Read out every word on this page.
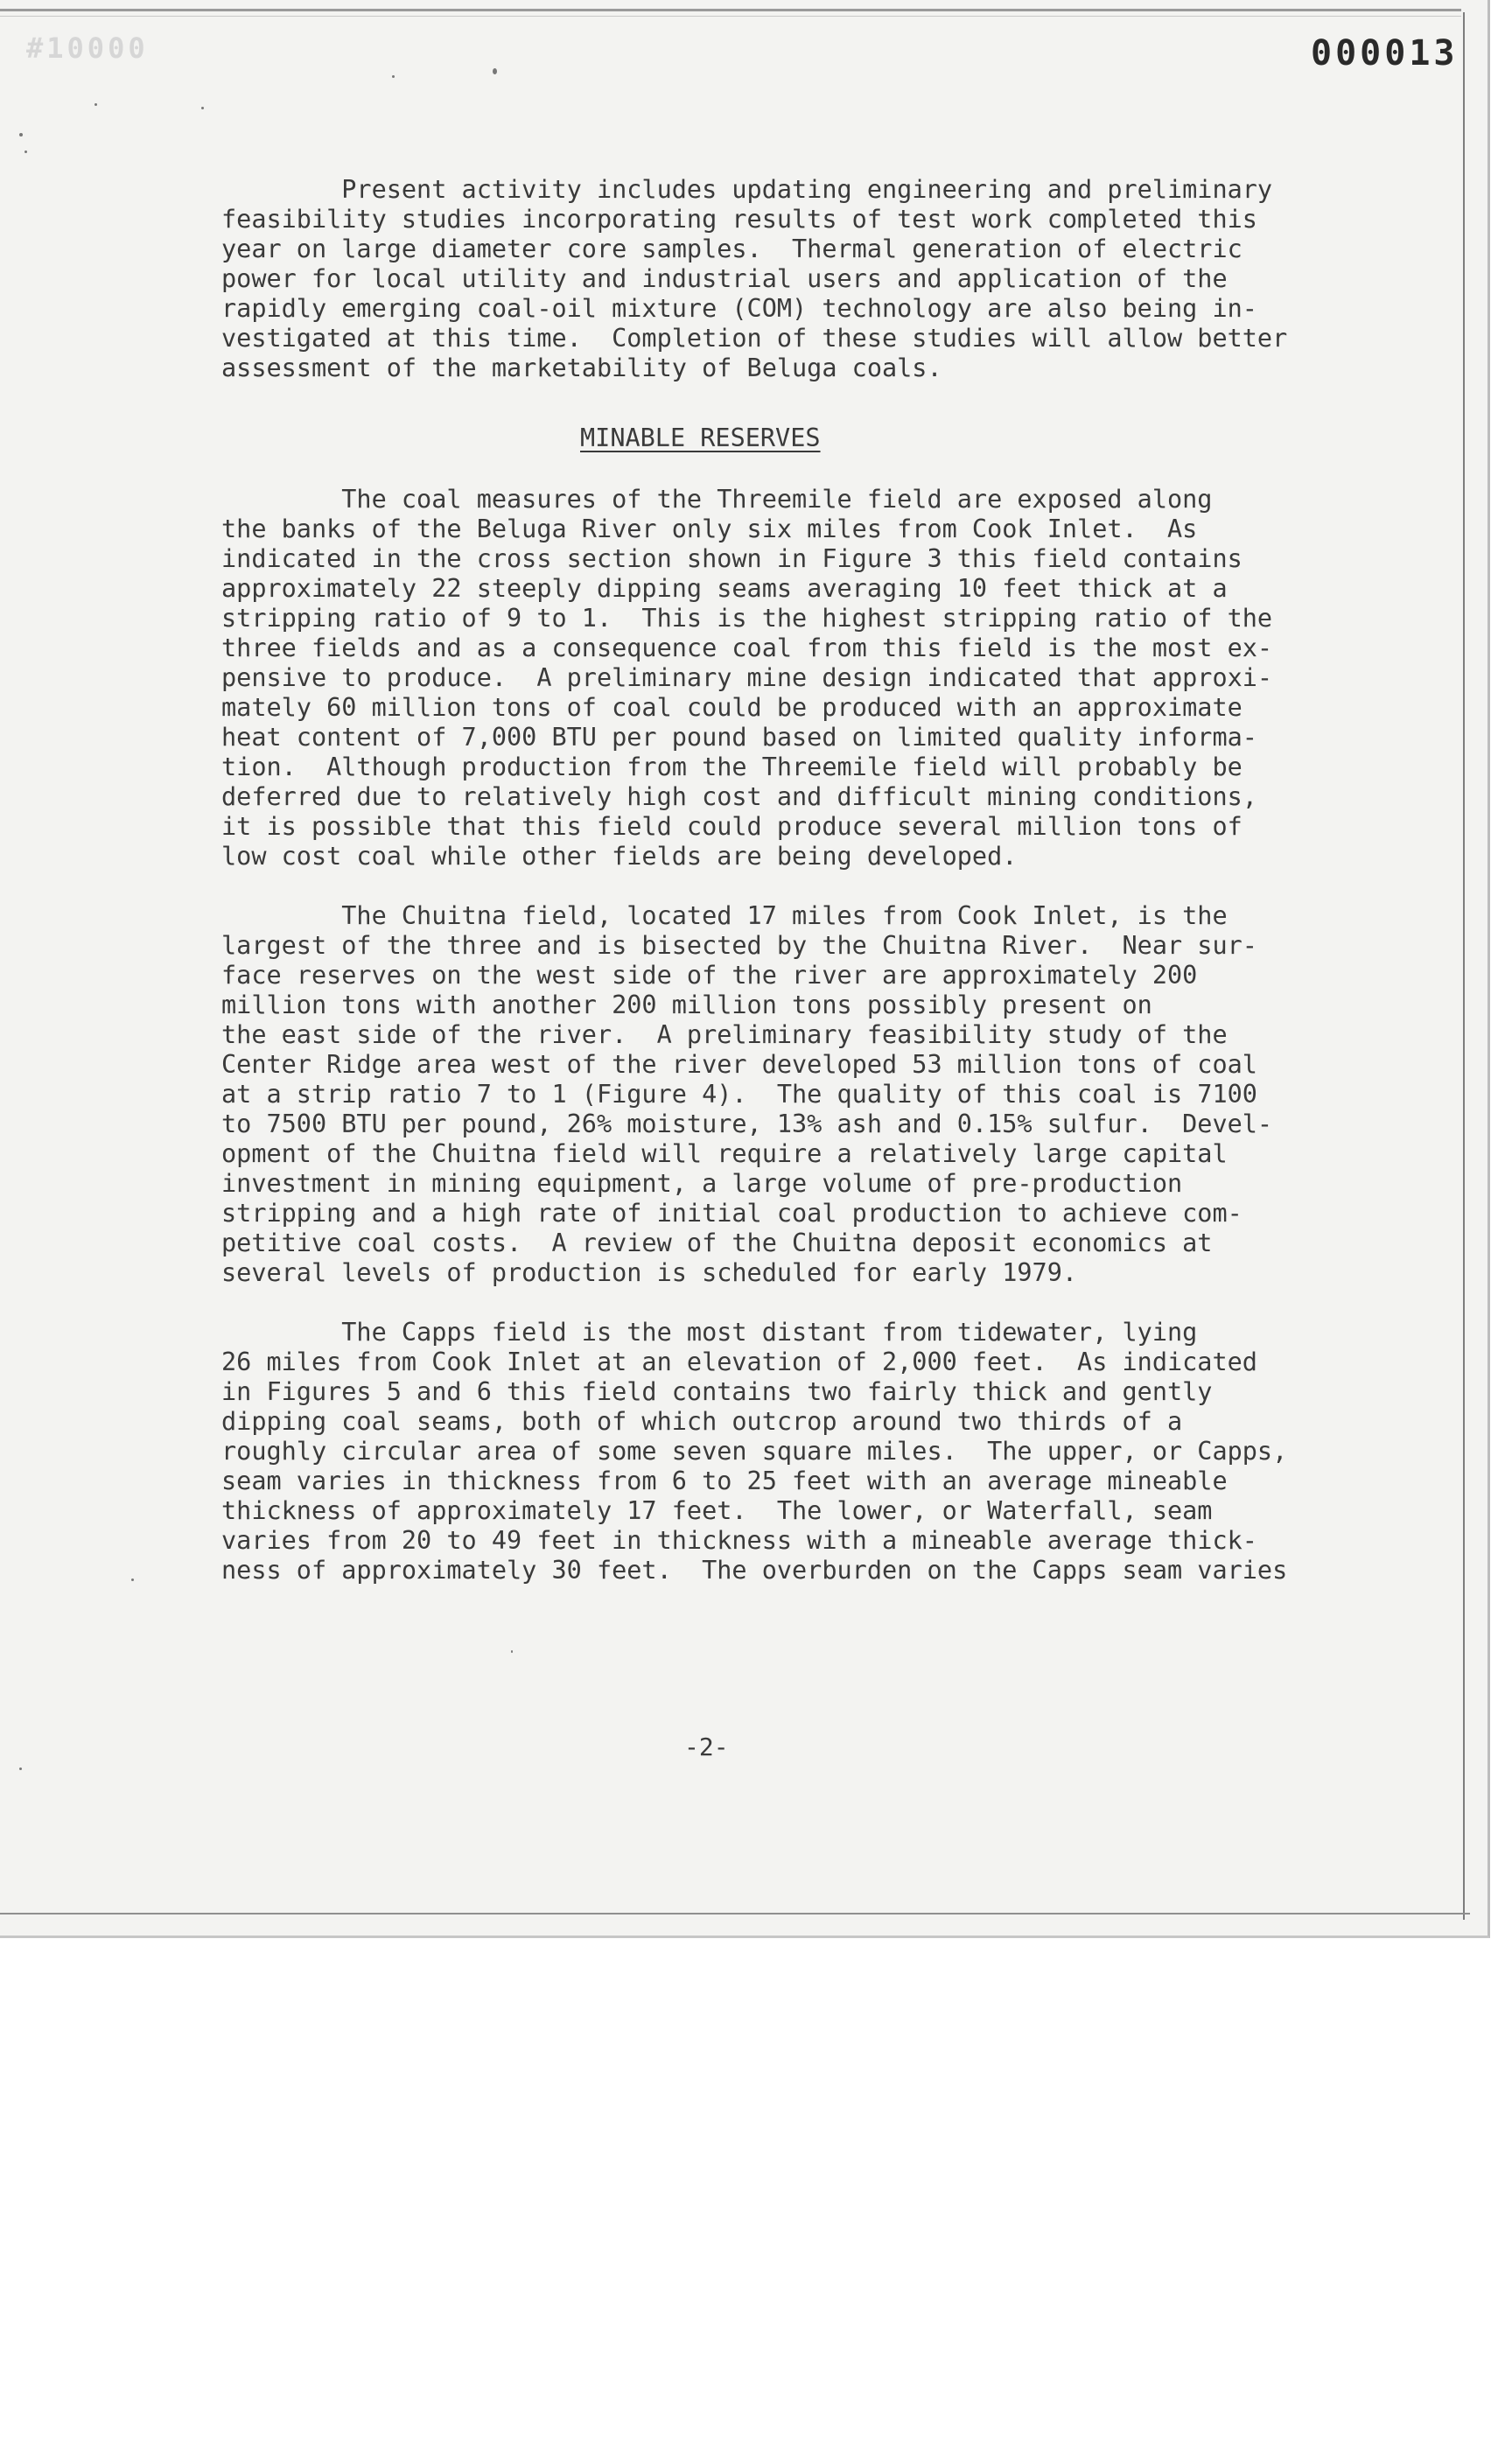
#10000	000013

Present activity includes updating engineering and preliminary
feasibility studies incorporating results of test work completed this
year on large diameter core samples.  Thermal generation of electric
power for local utility and industrial users and application of the
rapidly emerging coal-oil mixture (COM) technology are also being in-
vestigated at this time.  Completion of these studies will allow better
assessment of the marketability of Beluga coals.

MINABLE RESERVES

The coal measures of the Threemile field are exposed along
the banks of the Beluga River only six miles from Cook Inlet.  As
indicated in the cross section shown in Figure 3 this field contains
approximately 22 steeply dipping seams averaging 10 feet thick at a
stripping ratio of 9 to 1.  This is the highest stripping ratio of the
three fields and as a consequence coal from this field is the most ex-
pensive to produce.  A preliminary mine design indicated that approxi-
mately 60 million tons of coal could be produced with an approximate
heat content of 7,000 BTU per pound based on limited quality informa-
tion.  Although production from the Threemile field will probably be
deferred due to relatively high cost and difficult mining conditions,
it is possible that this field could produce several million tons of
low cost coal while other fields are being developed.

The Chuitna field, located 17 miles from Cook Inlet, is the
largest of the three and is bisected by the Chuitna River.  Near sur-
face reserves on the west side of the river are approximately 200
million tons with another 200 million tons possibly present on
the east side of the river.  A preliminary feasibility study of the
Center Ridge area west of the river developed 53 million tons of coal
at a strip ratio 7 to 1 (Figure 4).  The quality of this coal is 7100
to 7500 BTU per pound, 26% moisture, 13% ash and 0.15% sulfur.  Devel-
opment of the Chuitna field will require a relatively large capital
investment in mining equipment, a large volume of pre-production
stripping and a high rate of initial coal production to achieve com-
petitive coal costs.  A review of the Chuitna deposit economics at
several levels of production is scheduled for early 1979.

The Capps field is the most distant from tidewater, lying
26 miles from Cook Inlet at an elevation of 2,000 feet.  As indicated
in Figures 5 and 6 this field contains two fairly thick and gently
dipping coal seams, both of which outcrop around two thirds of a
roughly circular area of some seven square miles.  The upper, or Capps,
seam varies in thickness from 6 to 25 feet with an average mineable
thickness of approximately 17 feet.  The lower, or Waterfall, seam
varies from 20 to 49 feet in thickness with a mineable average thick-
ness of approximately 30 feet.  The overburden on the Capps seam varies

-2-
